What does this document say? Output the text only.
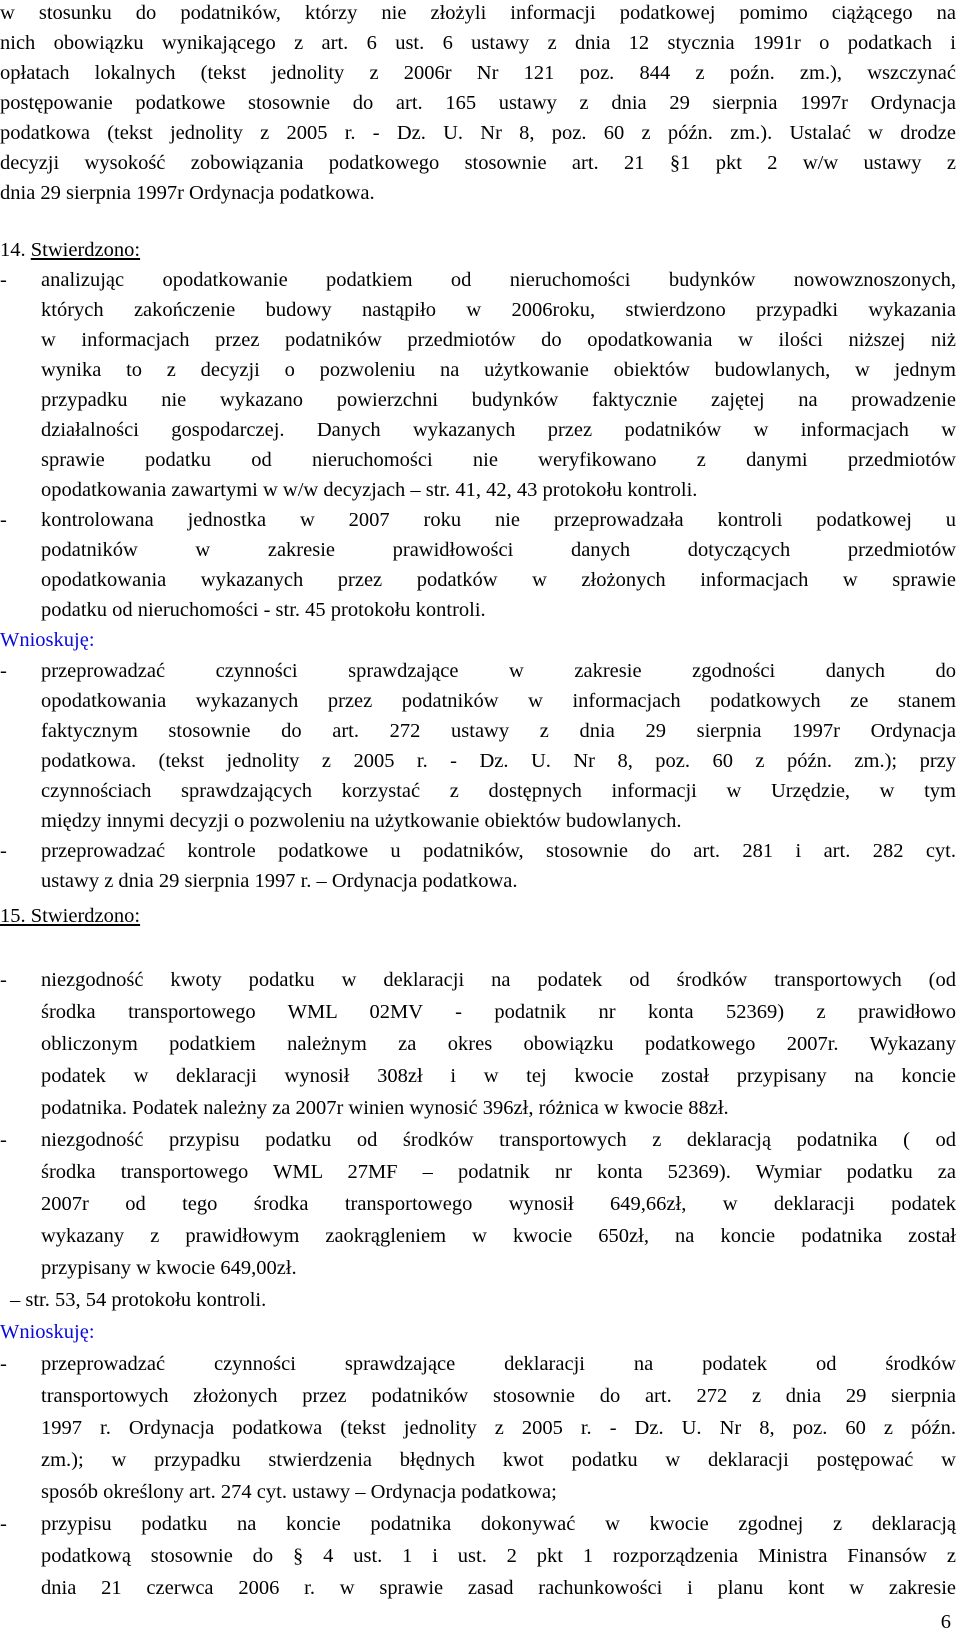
w stosunku do podatników, którzy nie złożyli informacji podatkowej pomimo ciążącego na
nich obowiązku wynikającego z art. 6 ust. 6 ustawy z dnia 12 stycznia 1991r o podatkach i
opłatach lokalnych (tekst jednolity z 2006r Nr 121 poz. 844 z poźn. zm.), wszczynać
postępowanie podatkowe stosownie do art. 165 ustawy z dnia 29 sierpnia 1997r Ordynacja
podatkowa (tekst jednolity z 2005 r. - Dz. U. Nr 8, poz. 60 z późn. zm.). Ustalać w drodze
decyzji wysokość zobowiązania podatkowego stosownie art. 21 §1 pkt 2 w/w ustawy z
dnia 29 sierpnia 1997r Ordynacja podatkowa.
14. Stwierdzono:
- analizując opodatkowanie podatkiem od nieruchomości budynków nowowznoszonych,
których zakończenie budowy nastąpiło w 2006roku, stwierdzono przypadki wykazania
w informacjach przez podatników przedmiotów do opodatkowania w ilości niższej niż
wynika to z decyzji o pozwoleniu na użytkowanie obiektów budowlanych, w jednym
przypadku nie wykazano powierzchni budynków faktycznie zajętej na prowadzenie
działalności gospodarczej. Danych wykazanych przez podatników w informacjach w
sprawie podatku od nieruchomości nie weryfikowano z danymi przedmiotów
opodatkowania zawartymi w w/w decyzjach – str. 41, 42, 43 protokołu kontroli.
- kontrolowana jednostka w 2007 roku nie przeprowadzała kontroli podatkowej u
podatników w zakresie prawidłowości danych dotyczących przedmiotów
opodatkowania wykazanych przez podatków w złożonych informacjach w sprawie
podatku od nieruchomości - str. 45 protokołu kontroli.
Wnioskuję:
- przeprowadzać czynności sprawdzające w zakresie zgodności danych do
opodatkowania wykazanych przez podatników w informacjach podatkowych ze stanem
faktycznym stosownie do art. 272 ustawy z dnia 29 sierpnia 1997r Ordynacja
podatkowa. (tekst jednolity z 2005 r. - Dz. U. Nr 8, poz. 60 z późn. zm.); przy
czynnościach sprawdzających korzystać z dostępnych informacji w Urzędzie, w tym
między innymi decyzji o pozwoleniu na użytkowanie obiektów budowlanych.
- przeprowadzać kontrole podatkowe u podatników, stosownie do art. 281 i art. 282 cyt.
ustawy z dnia 29 sierpnia 1997 r. – Ordynacja podatkowa.
15. Stwierdzono:
- niezgodność kwoty podatku w deklaracji na podatek od środków transportowych (od
środka transportowego WML 02MV - podatnik nr konta 52369) z prawidłowo
obliczonym podatkiem należnym za okres obowiązku podatkowego 2007r. Wykazany
podatek w deklaracji wynosił 308zł i w tej kwocie został przypisany na koncie
podatnika. Podatek należny za 2007r winien wynosić 396zł, różnica w kwocie 88zł.
- niezgodność przypisu podatku od środków transportowych z deklaracją podatnika ( od
środka transportowego WML 27MF – podatnik nr konta 52369). Wymiar podatku za
2007r od tego środka transportowego wynosił 649,66zł, w deklaracji podatek
wykazany z prawidłowym zaokrągleniem w kwocie 650zł, na koncie podatnika został
przypisany w kwocie 649,00zł.
– str. 53, 54 protokołu kontroli.
Wnioskuję:
- przeprowadzać czynności sprawdzające deklaracji na podatek od środków
transportowych złożonych przez podatników stosownie do art. 272 z dnia 29 sierpnia
1997 r. Ordynacja podatkowa (tekst jednolity z 2005 r. - Dz. U. Nr 8, poz. 60 z późn.
zm.); w przypadku stwierdzenia błędnych kwot podatku w deklaracji postępować w
sposób określony art. 274 cyt. ustawy – Ordynacja podatkowa;
- przypisu podatku na koncie podatnika dokonywać w kwocie zgodnej z deklaracją
podatkową stosownie do § 4 ust. 1 i ust. 2 pkt 1 rozporządzenia Ministra Finansów z
dnia 21 czerwca 2006 r. w sprawie zasad rachunkowości i planu kont w zakresie
6
